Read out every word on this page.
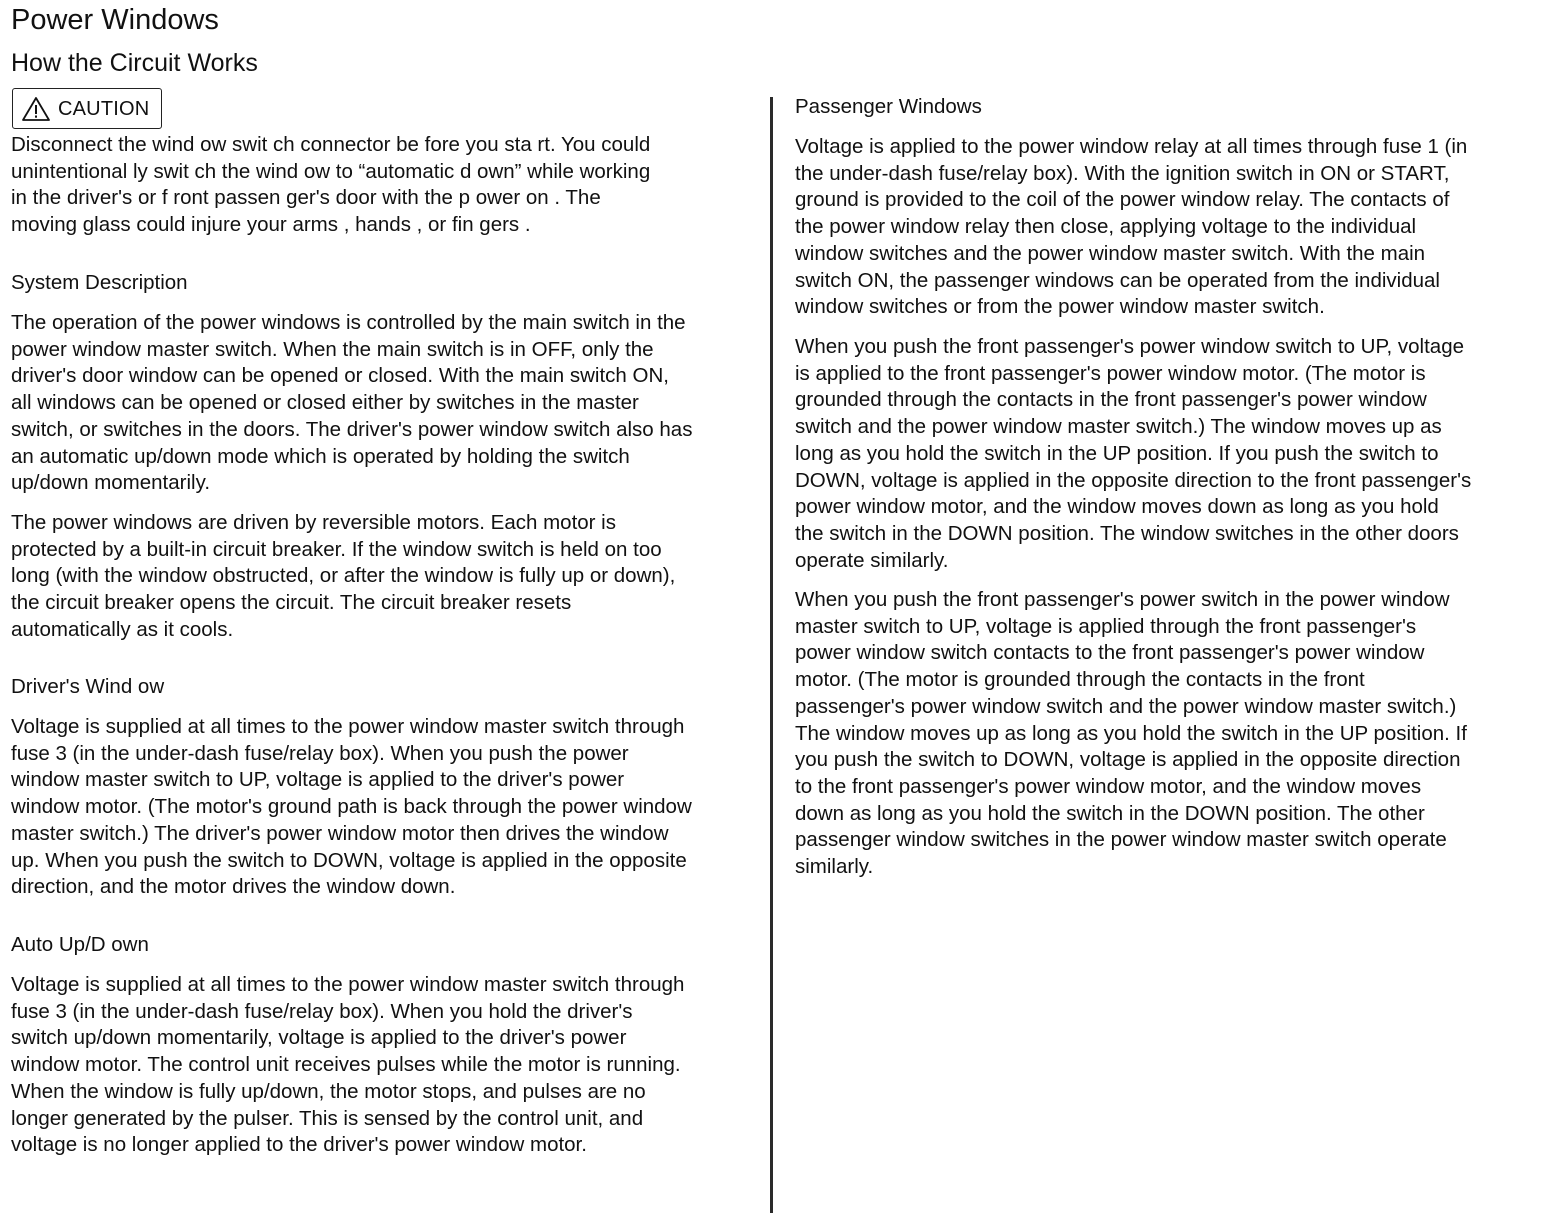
Power Windows
How the Circuit Works
CAUTION
Disconnect the wind ow swit ch connector be fore you sta rt. You could
unintentional ly swit ch the wind ow to “automatic d own” while working
in the driver's or f ront passen ger's door with the p ower on . The
moving glass could injure your arms , hands , or fin gers .
System Description
The operation of the power windows is controlled by the main switch in the
power window master switch. When the main switch is in OFF, only the
driver's door window can be opened or closed. With the main switch ON,
all windows can be opened or closed either by switches in the master
switch, or switches in the doors. The driver's power window switch also has
an automatic up/down mode which is operated by holding the switch
up/down momentarily.
The power windows are driven by reversible motors. Each motor is
protected by a built-in circuit breaker. If the window switch is held on too
long (with the window obstructed, or after the window is fully up or down),
the circuit breaker opens the circuit. The circuit breaker resets
automatically as it cools.
Driver's Wind ow
Voltage is supplied at all times to the power window master switch through
fuse 3 (in the under-dash fuse/relay box). When you push the power
window master switch to UP, voltage is applied to the driver's power
window motor. (The motor's ground path is back through the power window
master switch.) The driver's power window motor then drives the window
up. When you push the switch to DOWN, voltage is applied in the opposite
direction, and the motor drives the window down.
Auto Up/D own
Voltage is supplied at all times to the power window master switch through
fuse 3 (in the under-dash fuse/relay box). When you hold the driver's
switch up/down momentarily, voltage is applied to the driver's power
window motor. The control unit receives pulses while the motor is running.
When the window is fully up/down, the motor stops, and pulses are no
longer generated by the pulser. This is sensed by the control unit, and
voltage is no longer applied to the driver's power window motor.
Passenger Windows
Voltage is applied to the power window relay at all times through fuse 1 (in
the under-dash fuse/relay box). With the ignition switch in ON or START,
ground is provided to the coil of the power window relay. The contacts of
the power window relay then close, applying voltage to the individual
window switches and the power window master switch. With the main
switch ON, the passenger windows can be operated from the individual
window switches or from the power window master switch.
When you push the front passenger's power window switch to UP, voltage
is applied to the front passenger's power window motor. (The motor is
grounded through the contacts in the front passenger's power window
switch and the power window master switch.) The window moves up as
long as you hold the switch in the UP position. If you push the switch to
DOWN, voltage is applied in the opposite direction to the front passenger's
power window motor, and the window moves down as long as you hold
the switch in the DOWN position. The window switches in the other doors
operate similarly.
When you push the front passenger's power switch in the power window
master switch to UP, voltage is applied through the front passenger's
power window switch contacts to the front passenger's power window
motor. (The motor is grounded through the contacts in the front
passenger's power window switch and the power window master switch.)
The window moves up as long as you hold the switch in the UP position. If
you push the switch to DOWN, voltage is applied in the opposite direction
to the front passenger's power window motor, and the window moves
down as long as you hold the switch in the DOWN position. The other
passenger window switches in the power window master switch operate
similarly.
